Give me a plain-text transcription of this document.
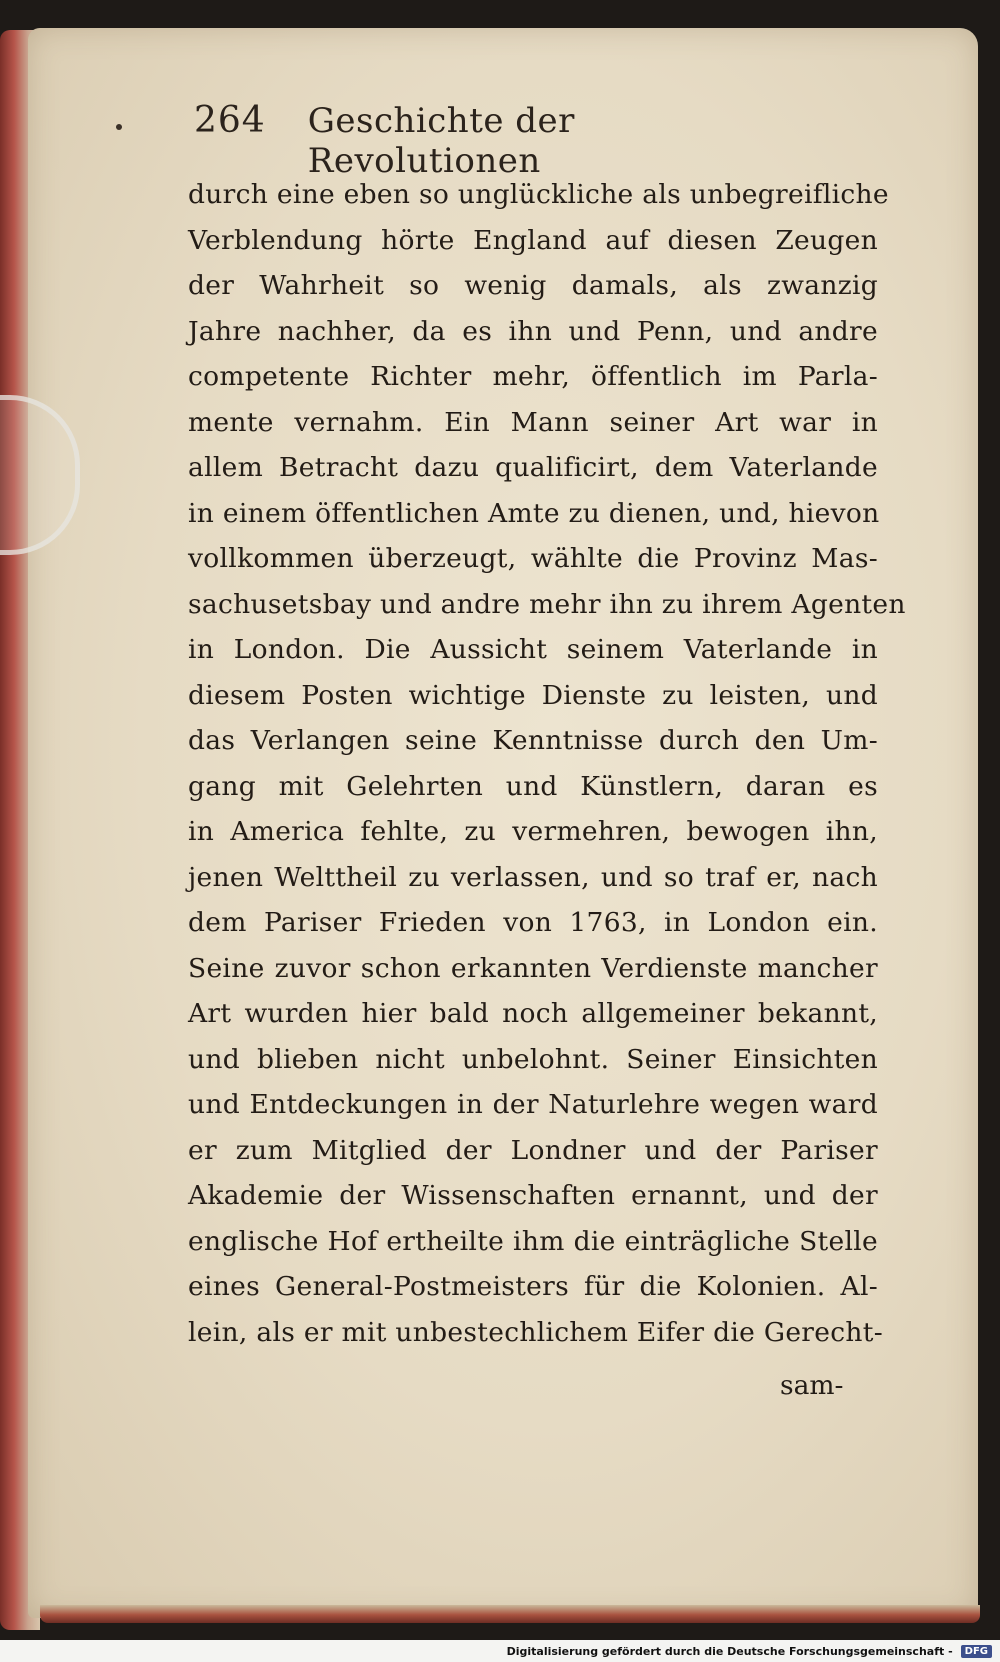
264 Geschichte der Revolutionen
durch eine eben so unglückliche als unbegreifliche
Verblendung hörte England auf diesen Zeugen
der Wahrheit so wenig damals, als zwanzig
Jahre nachher, da es ihn und Penn, und andre
competente Richter mehr, öffentlich im Parla-
mente vernahm. Ein Mann seiner Art war in
allem Betracht dazu qualificirt, dem Vaterlande
in einem öffentlichen Amte zu dienen, und, hievon
vollkommen überzeugt, wählte die Provinz Mas-
sachusetsbay und andre mehr ihn zu ihrem Agenten
in London. Die Aussicht seinem Vaterlande in
diesem Posten wichtige Dienste zu leisten, und
das Verlangen seine Kenntnisse durch den Um-
gang mit Gelehrten und Künstlern, daran es
in America fehlte, zu vermehren, bewogen ihn,
jenen Welttheil zu verlassen, und so traf er, nach
dem Pariser Frieden von 1763, in London ein.
Seine zuvor schon erkannten Verdienste mancher
Art wurden hier bald noch allgemeiner bekannt,
und blieben nicht unbelohnt. Seiner Einsichten
und Entdeckungen in der Naturlehre wegen ward
er zum Mitglied der Londner und der Pariser
Akademie der Wissenschaften ernannt, und der
englische Hof ertheilte ihm die einträgliche Stelle
eines General-Postmeisters für die Kolonien. Al-
lein, als er mit unbestechlichem Eifer die Gerecht-
sam-
Digitalisierung gefördert durch die Deutsche Forschungsgemeinschaft -	DFG
